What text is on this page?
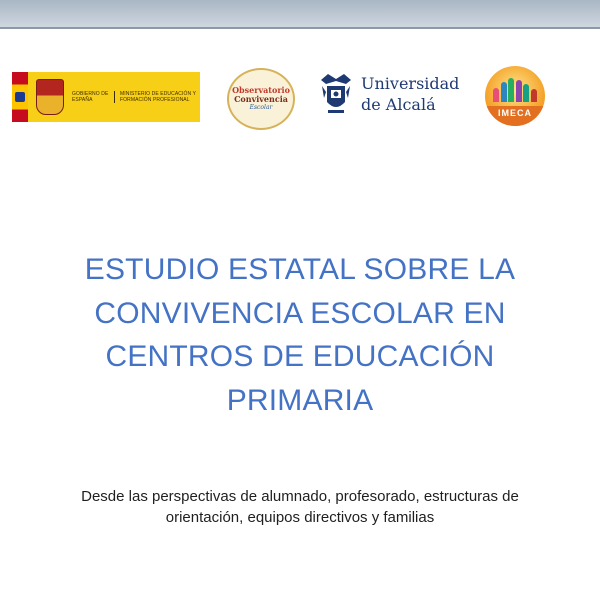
GOBIERNO DE ESPAÑA
MINISTERIO DE EDUCACIÓN Y FORMACIÓN PROFESIONAL
Observatorio
Convivencia
Escolar
Universidad
de Alcalá	IMECA
ESTUDIO ESTATAL SOBRE LA CONVIVENCIA ESCOLAR EN CENTROS DE EDUCACIÓN PRIMARIA
Desde las perspectivas de alumnado, profesorado, estructuras de orientación, equipos directivos y familias
